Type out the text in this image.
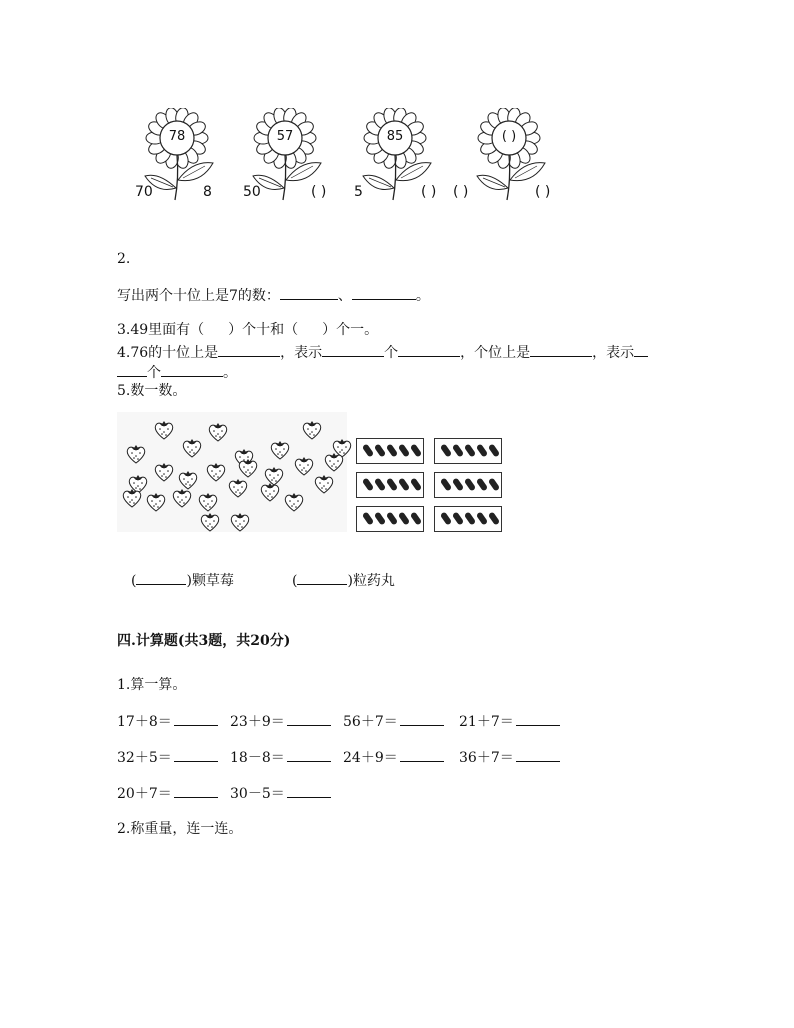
78	57	85	( )
2.
写出两个十位上是7的数：	、	。
3.49里面有（ ）个十和（ ）个一。
4.76的十位上是	，表示	个	，个位上是	，表示
个	。
5.数一数。
(	)颗草莓	(	)粒药丸
四.计算题(共3题，共20分)
1.算一算。
17＋8＝	23＋9＝	56＋7＝	21＋7＝
32＋5＝	18－8＝	24＋9＝	36＋7＝
20＋7＝	30－5＝
2.称重量，连一连。
70	8 50	( ) 5	( ) ( )	( )
